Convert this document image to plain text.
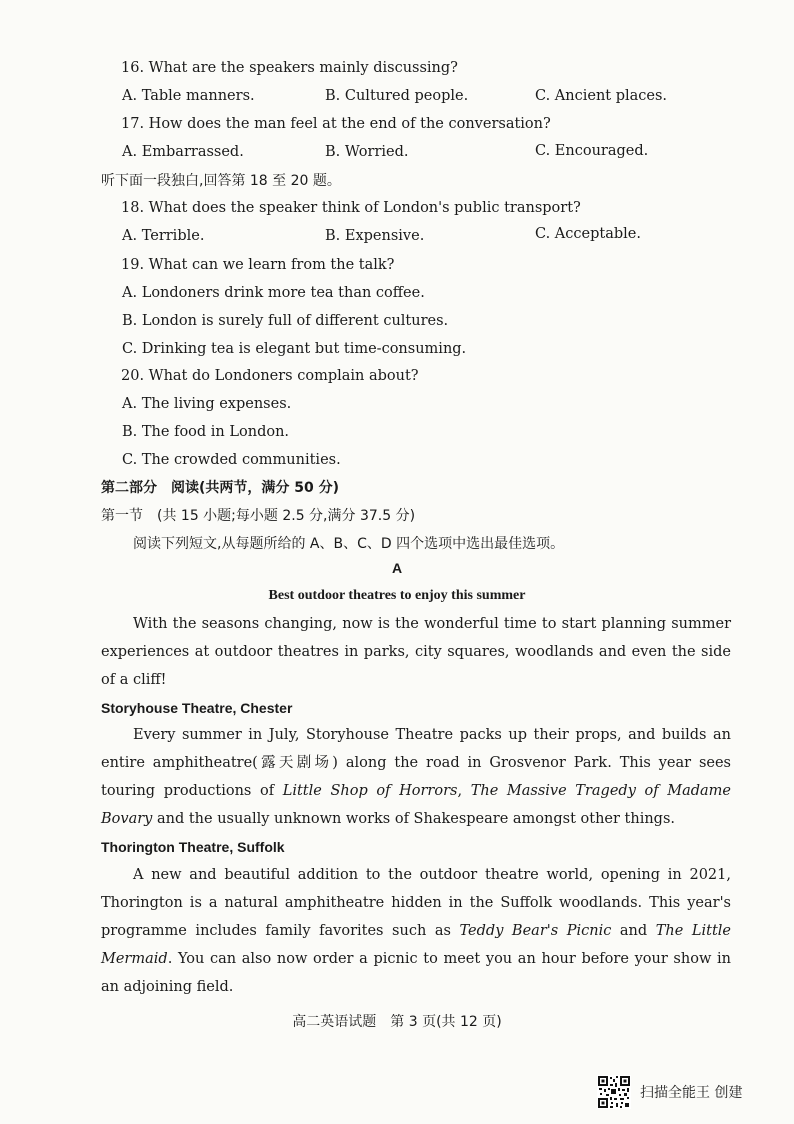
16. What are the speakers mainly discussing?
A. Table manners.	B. Cultured people.	C. Ancient places.
17. How does the man feel at the end of the conversation?
A. Embarrassed.	B. Worried.	C. Encouraged.
听下面一段独白,回答第 18 至 20 题。
18. What does the speaker think of London's public transport?
A. Terrible.	B. Expensive.	C. Acceptable.
19. What can we learn from the talk?
A. Londoners drink more tea than coffee.
B. London is surely full of different cultures.
C. Drinking tea is elegant but time-consuming.
20. What do Londoners complain about?
A. The living expenses.
B. The food in London.
C. The crowded communities.
第二部分　阅读(共两节，满分 50 分)
第一节　(共 15 小题;每小题 2.5 分,满分 37.5 分)
阅读下列短文,从每题所给的 A、B、C、D 四个选项中选出最佳选项。
A
Best outdoor theatres to enjoy this summer

With the seasons changing, now is the wonderful time to start planning summer experiences at outdoor theatres in parks, city squares, woodlands and even the side of a cliff!

Storyhouse Theatre, Chester

Every summer in July, Storyhouse Theatre packs up their props, and builds an entire amphitheatre(露天剧场) along the road in Grosvenor Park. This year sees touring productions of Little Shop of Horrors, The Massive Tragedy of Madame Bovary and the usually unknown works of Shakespeare amongst other things.

Thorington Theatre, Suffolk

A new and beautiful addition to the outdoor theatre world, opening in 2021, Thorington is a natural amphitheatre hidden in the Suffolk woodlands. This year's programme includes family favorites such as Teddy Bear's Picnic and The Little Mermaid. You can also now order a picnic to meet you an hour before your show in an adjoining field.

高二英语试题　第 3 页(共 12 页)
扫描全能王 创建
